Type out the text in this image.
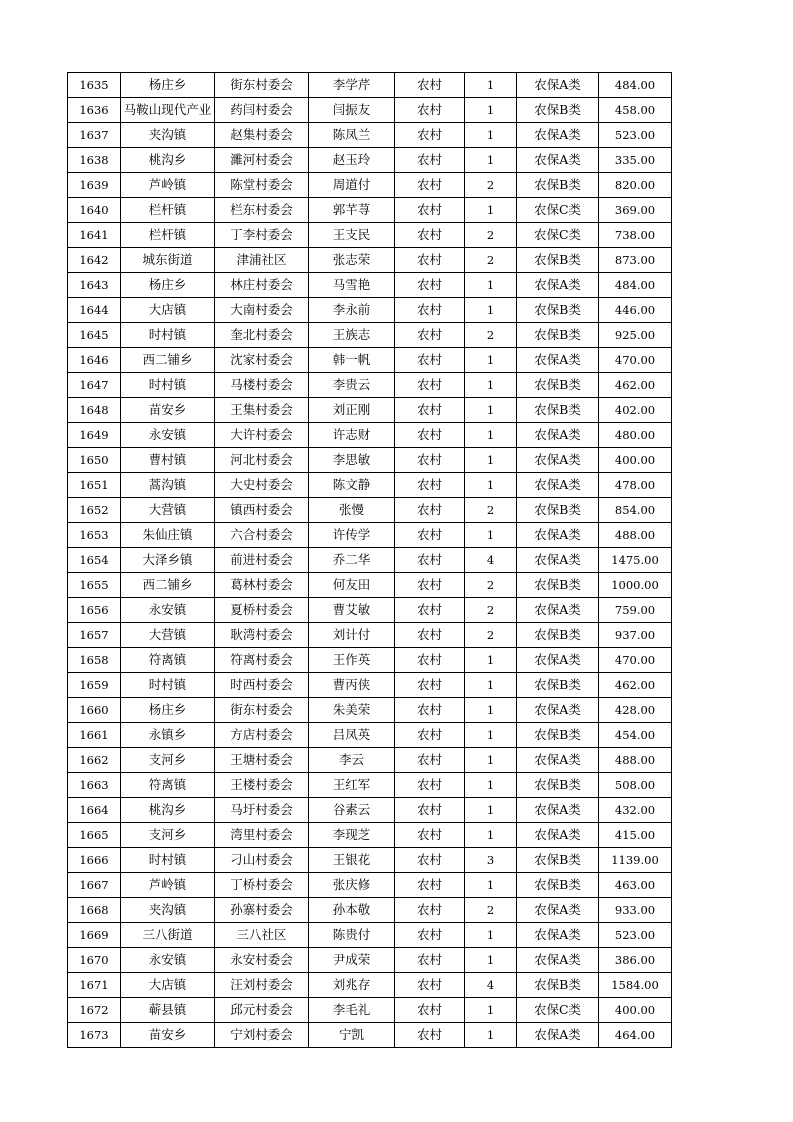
1635	杨庄乡	街东村委会	李学芹	农村	1	农保A类	484.00
1636	马鞍山现代产业	药闫村委会	闫振友	农村	1	农保B类	458.00
1637	夹沟镇	赵集村委会	陈凤兰	农村	1	农保A类	523.00
1638	桃沟乡	濉河村委会	赵玉玲	农村	1	农保A类	335.00
1639	芦岭镇	陈堂村委会	周道付	农村	2	农保B类	820.00
1640	栏杆镇	栏东村委会	郭芊荨	农村	1	农保C类	369.00
1641	栏杆镇	丁李村委会	王支民	农村	2	农保C类	738.00
1642	城东街道	津浦社区	张志荣	农村	2	农保B类	873.00
1643	杨庄乡	林庄村委会	马雪艳	农村	1	农保A类	484.00
1644	大店镇	大南村委会	李永前	农村	1	农保B类	446.00
1645	时村镇	奎北村委会	王族志	农村	2	农保B类	925.00
1646	西二铺乡	沈家村委会	韩一帆	农村	1	农保A类	470.00
1647	时村镇	马楼村委会	李贵云	农村	1	农保B类	462.00
1648	苗安乡	王集村委会	刘正刚	农村	1	农保B类	402.00
1649	永安镇	大许村委会	许志财	农村	1	农保A类	480.00
1650	曹村镇	河北村委会	李思敏	农村	1	农保A类	400.00
1651	蒿沟镇	大史村委会	陈文静	农村	1	农保A类	478.00
1652	大营镇	镇西村委会	张慢	农村	2	农保B类	854.00
1653	朱仙庄镇	六合村委会	许传学	农村	1	农保A类	488.00
1654	大泽乡镇	前进村委会	乔二华	农村	4	农保A类	1475.00
1655	西二铺乡	葛林村委会	何友田	农村	2	农保B类	1000.00
1656	永安镇	夏桥村委会	曹艾敏	农村	2	农保A类	759.00
1657	大营镇	耿湾村委会	刘计付	农村	2	农保B类	937.00
1658	符离镇	符离村委会	王作英	农村	1	农保A类	470.00
1659	时村镇	时西村委会	曹丙侠	农村	1	农保B类	462.00
1660	杨庄乡	街东村委会	朱美荣	农村	1	农保A类	428.00
1661	永镇乡	方店村委会	吕凤英	农村	1	农保B类	454.00
1662	支河乡	王塘村委会	李云	农村	1	农保A类	488.00
1663	符离镇	王楼村委会	王红军	农村	1	农保B类	508.00
1664	桃沟乡	马圩村委会	谷素云	农村	1	农保A类	432.00
1665	支河乡	湾里村委会	李现芝	农村	1	农保A类	415.00
1666	时村镇	刁山村委会	王银花	农村	3	农保B类	1139.00
1667	芦岭镇	丁桥村委会	张庆修	农村	1	农保B类	463.00
1668	夹沟镇	孙寨村委会	孙本敬	农村	2	农保A类	933.00
1669	三八街道	三八社区	陈贵付	农村	1	农保A类	523.00
1670	永安镇	永安村委会	尹成荣	农村	1	农保A类	386.00
1671	大店镇	汪刘村委会	刘兆存	农村	4	农保B类	1584.00
1672	蕲县镇	邱元村委会	李毛礼	农村	1	农保C类	400.00
1673	苗安乡	宁刘村委会	宁凯	农村	1	农保A类	464.00
